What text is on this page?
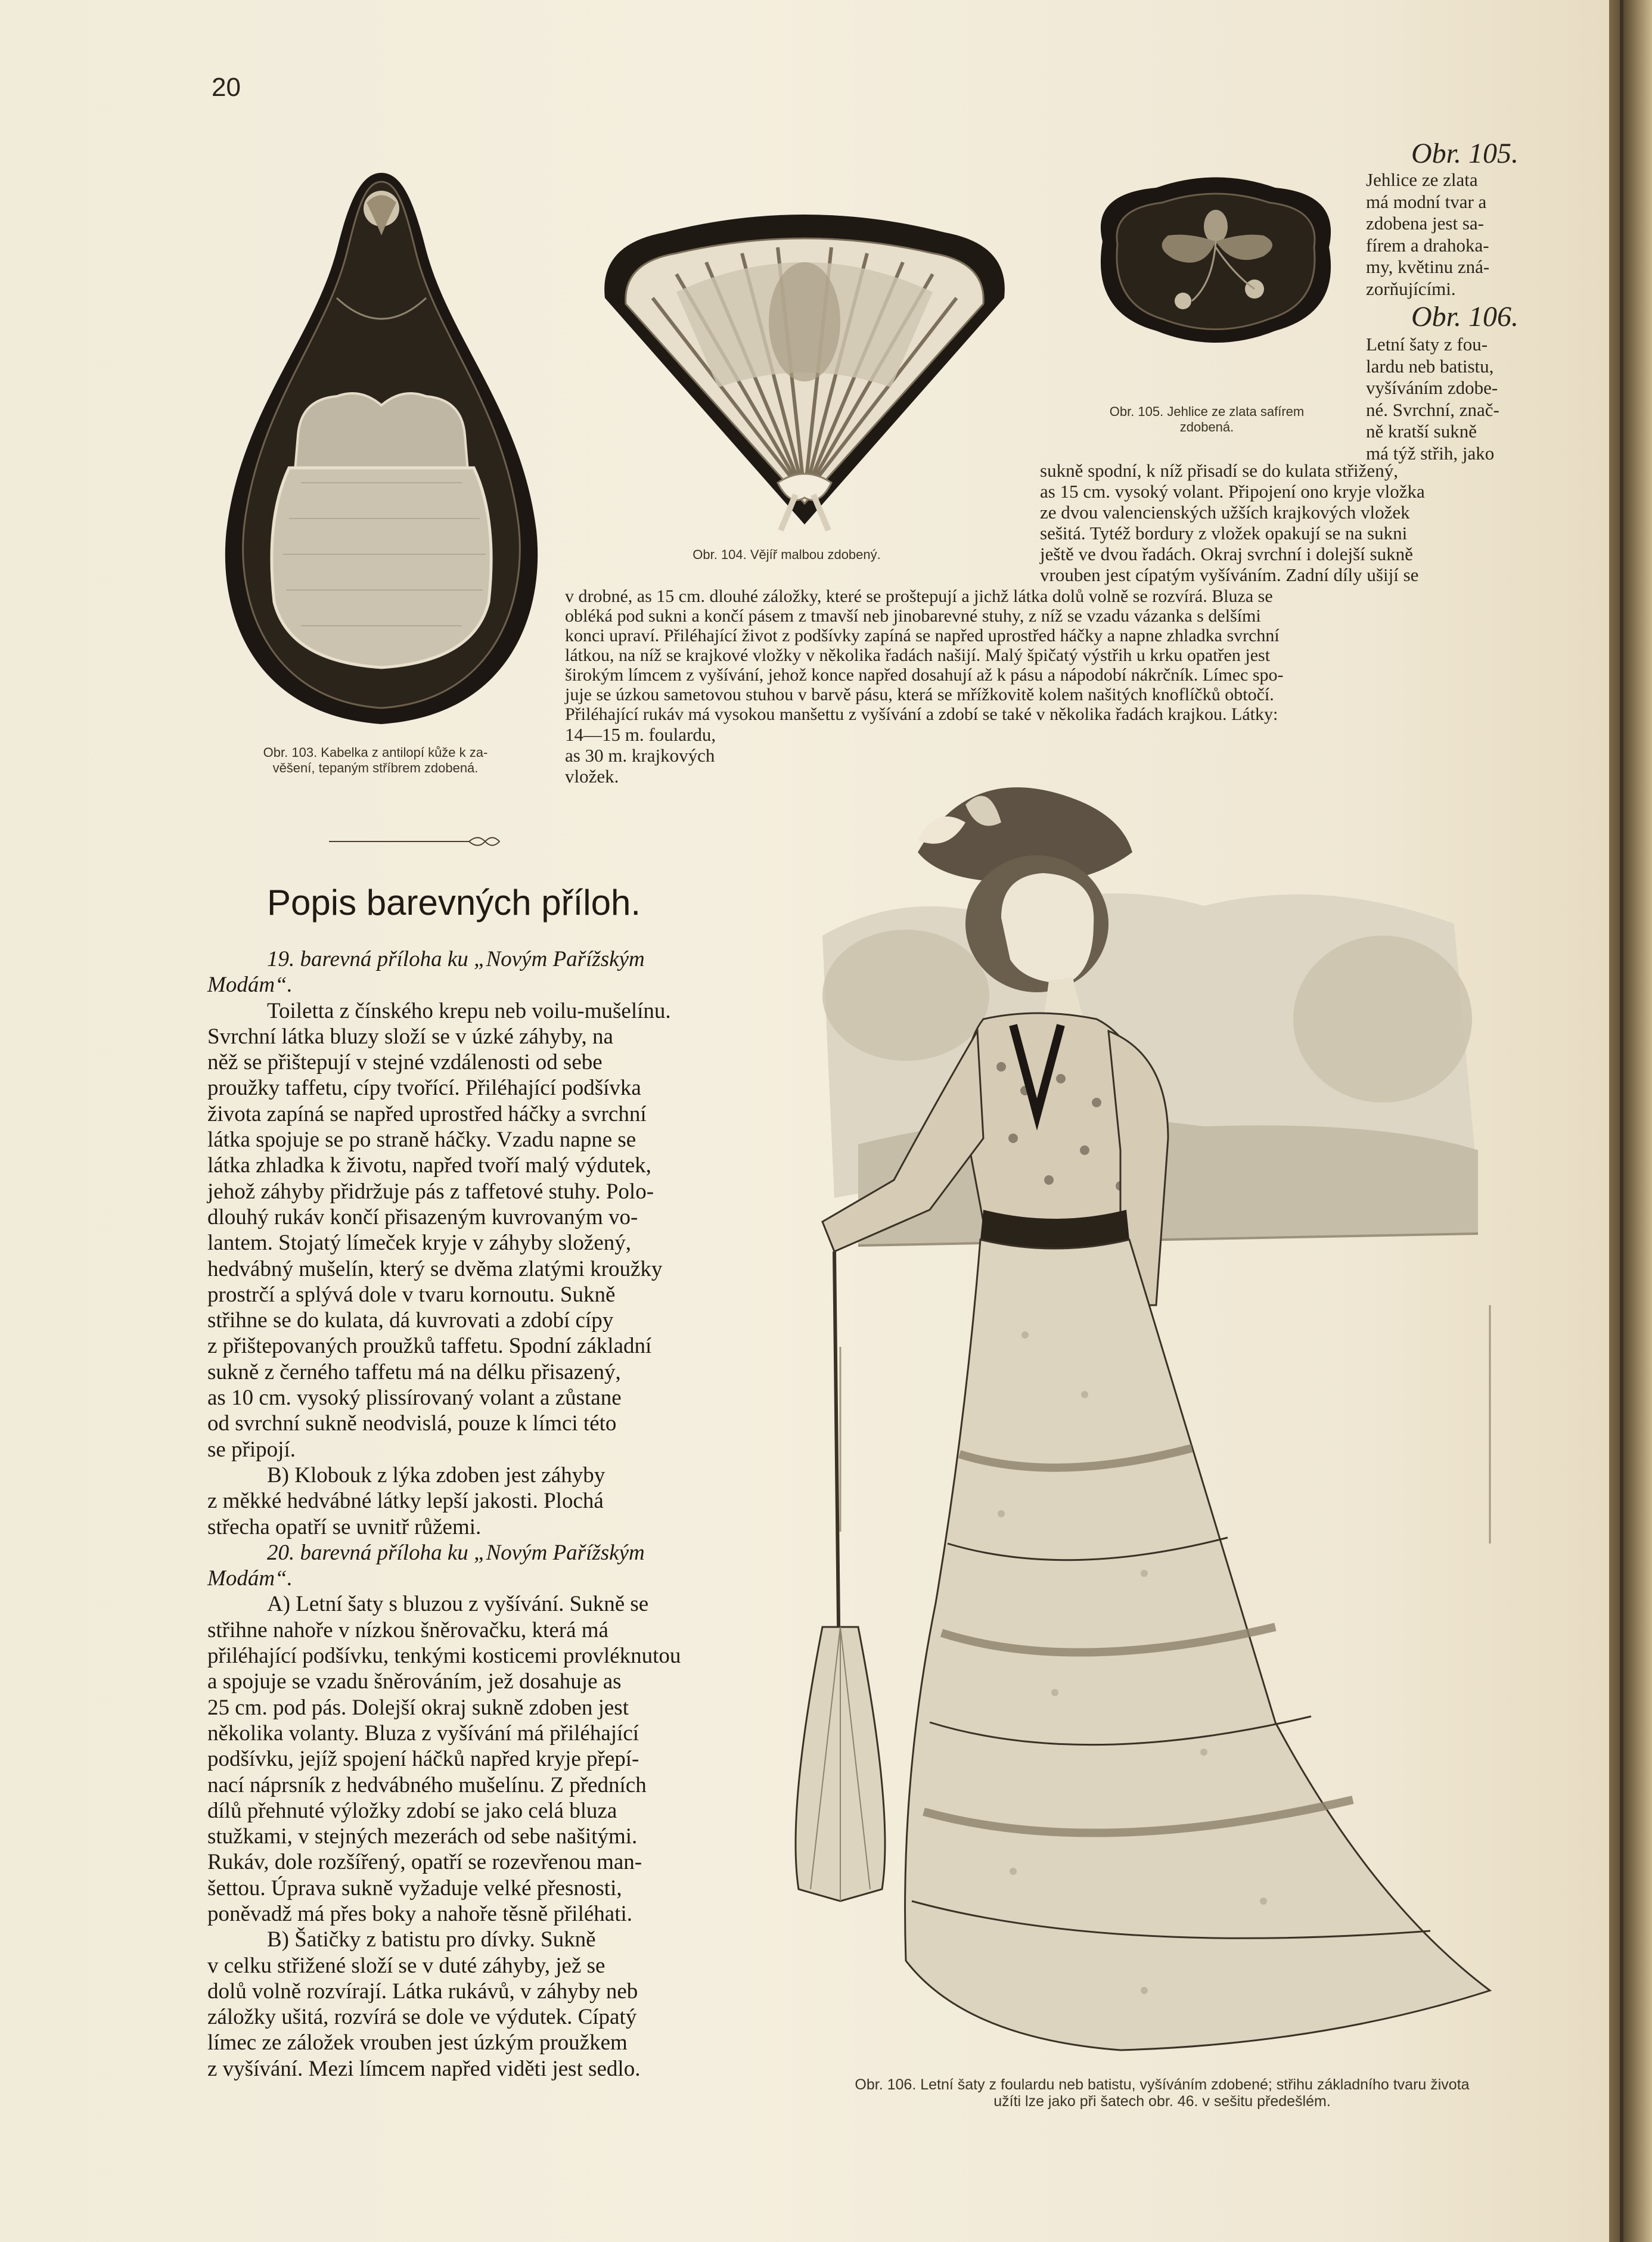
20
Obr. 103. Kabelka z antilopí kůže k za-
věšení, tepaným stříbrem zdobená.
Obr. 104. Vějíř malbou zdobený.
Obr. 105. Jehlice ze zlata safírem
zdobená.
Obr. 105.
Jehlice ze zlata
má modní tvar a
zdobena jest sa-
fírem a drahoka-
my, květinu zná-
zorňujícími.
Obr. 106.
Letní šaty z fou-
lardu neb batistu,
vyšíváním zdobe-
né. Svrchní, znač-
ně kratší sukně
má týž střih, jako
sukně spodní, k níž přisadí se do kulata střižený,
as 15 cm. vysoký volant. Připojení ono kryje vložka
ze dvou valencienských užších krajkových vložek
sešitá. Tytéž bordury z vložek opakují se na sukni
ještě ve dvou řadách. Okraj svrchní i dolejší sukně
vrouben jest cípatým vyšíváním. Zadní díly ušijí se
v drobné, as 15 cm. dlouhé záložky, které se proštepují a jichž látka dolů volně se rozvírá. Bluza se
obléká pod sukni a končí pásem z tmavší neb jinobarevné stuhy, z níž se vzadu vázanka s delšími
konci upraví. Přiléhající život z podšívky zapíná se napřed uprostřed háčky a napne zhladka svrchní
látkou, na níž se krajkové vložky v několika řadách našijí. Malý špičatý výstřih u krku opatřen jest
širokým límcem z vyšívání, jehož konce napřed dosahují až k pásu a nápodobí nákrčník. Límec spo-
juje se úzkou sametovou stuhou v barvě pásu, která se mřížkovitě kolem našitých knoflíčků obtočí.
Přiléhající rukáv má vysokou manšettu z vyšívání a zdobí se také v několika řadách krajkou. Látky:
14—15 m. foulardu,
as 30 m. krajkových
vložek.
Popis barevných příloh.
19. barevná příloha ku „Novým Pařížským
Modám“.
Toiletta z čínského krepu neb voilu-mušelínu.
Svrchní látka bluzy složí se v úzké záhyby, na
něž se přištepují v stejné vzdálenosti od sebe
proužky taffetu, cípy tvořící. Přiléhající podšívka
života zapíná se napřed uprostřed háčky a svrchní
látka spojuje se po straně háčky. Vzadu napne se
látka zhladka k životu, napřed tvoří malý výdutek,
jehož záhyby přidržuje pás z taffetové stuhy. Polo-
dlouhý rukáv končí přisazeným kuvrovaným vo-
lantem. Stojatý límeček kryje v záhyby složený,
hedvábný mušelín, který se dvěma zlatými kroužky
prostrčí a splývá dole v tvaru kornoutu. Sukně
střihne se do kulata, dá kuvrovati a zdobí cípy
z přištepovaných proužků taffetu. Spodní základní
sukně z černého taffetu má na délku přisazený,
as 10 cm. vysoký plissírovaný volant a zůstane
od svrchní sukně neodvislá, pouze k límci této
se připojí.
B) Klobouk z lýka zdoben jest záhyby
z měkké hedvábné látky lepší jakosti. Plochá
střecha opatří se uvnitř růžemi.
20. barevná příloha ku „Novým Pařížským
Modám“.
A) Letní šaty s bluzou z vyšívání. Sukně se
střihne nahoře v nízkou šněrovačku, která má
přiléhající podšívku, tenkými kosticemi provléknutou
a spojuje se vzadu šněrováním, jež dosahuje as
25 cm. pod pás. Dolejší okraj sukně zdoben jest
několika volanty. Bluza z vyšívání má přiléhající
podšívku, jejíž spojení háčků napřed kryje přepí-
nací náprsník z hedvábného mušelínu. Z předních
dílů přehnuté výložky zdobí se jako celá bluza
stužkami, v stejných mezerách od sebe našitými.
Rukáv, dole rozšířený, opatří se rozevřenou man-
šettou. Úprava sukně vyžaduje velké přesnosti,
poněvadž má přes boky a nahoře těsně přiléhati.
B) Šatičky z batistu pro dívky. Sukně
v celku střižené složí se v duté záhyby, jež se
dolů volně rozvírají. Látka rukávů, v záhyby neb
záložky ušitá, rozvírá se dole ve výdutek. Cípatý
límec ze záložek vrouben jest úzkým proužkem
z vyšívání. Mezi límcem napřed viděti jest sedlo.
Obr. 106. Letní šaty z foulardu neb batistu, vyšíváním zdobené; střihu základního tvaru života
užíti lze jako při šatech obr. 46. v sešitu předešlém.
